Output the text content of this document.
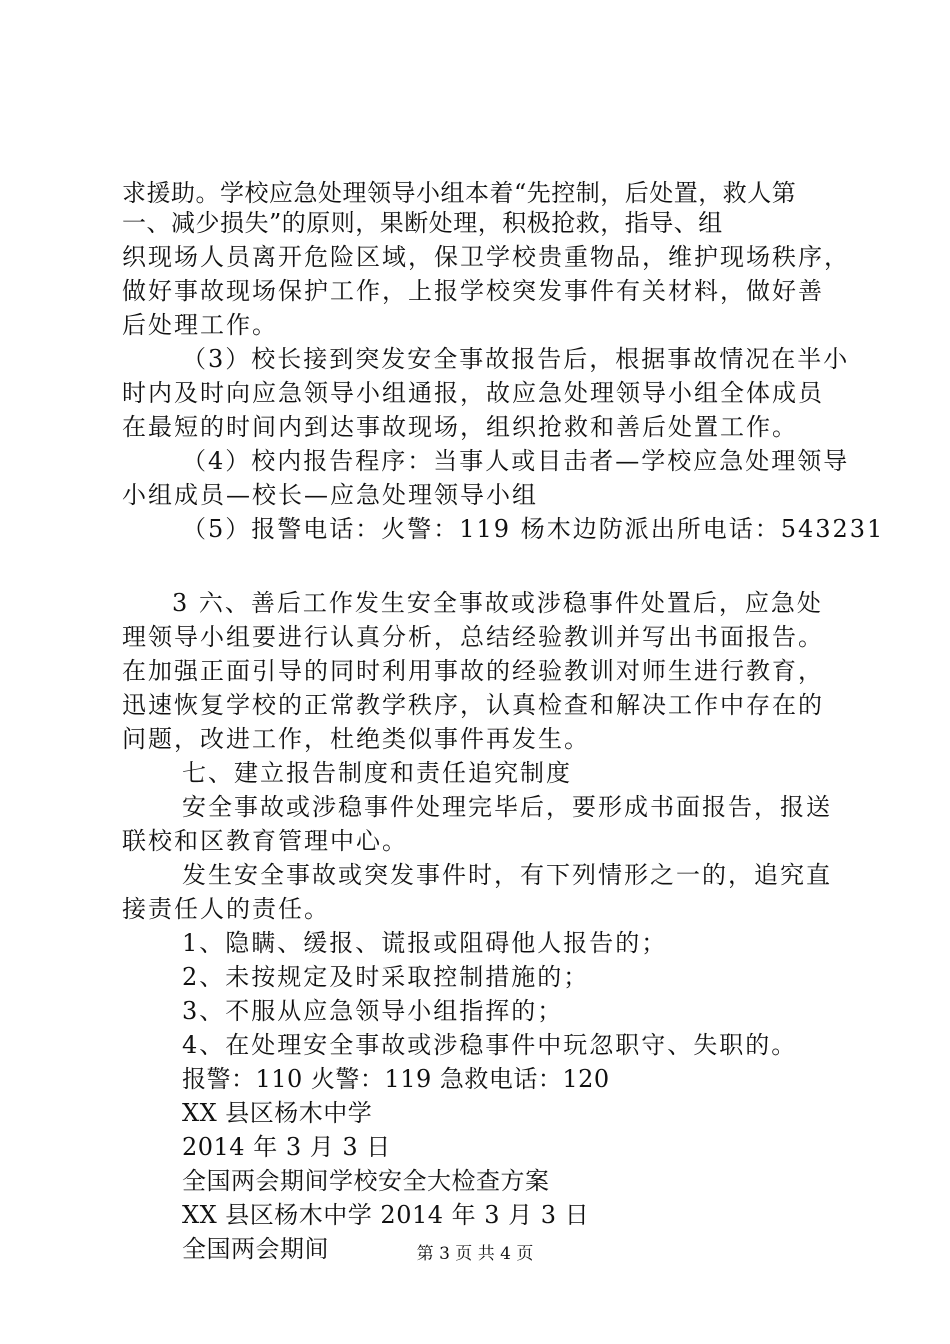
求援助。学校应急处理领导小组本着“先控制，后处置，救人第
一、减少损失”的原则，果断处理，积极抢救，指导、组
织现场人员离开危险区域，保卫学校贵重物品，维护现场秩序，
做好事故现场保护工作，上报学校突发事件有关材料，做好善
后处理工作。
（3）校长接到突发安全事故报告后，根据事故情况在半小
时内及时向应急领导小组通报，故应急处理领导小组全体成员
在最短的时间内到达事故现场，组织抢救和善后处置工作。
（4）校内报告程序：当事人或目击者—学校应急处理领导
小组成员—校长—应急处理领导小组
（5）报警电话：火警：119 杨木边防派出所电话：543231
3 六、善后工作发生安全事故或涉稳事件处置后，应急处
理领导小组要进行认真分析，总结经验教训并写出书面报告。
在加强正面引导的同时利用事故的经验教训对师生进行教育，
迅速恢复学校的正常教学秩序，认真检查和解决工作中存在的
问题，改进工作，杜绝类似事件再发生。
七、建立报告制度和责任追究制度
安全事故或涉稳事件处理完毕后，要形成书面报告，报送
联校和区教育管理中心。
发生安全事故或突发事件时，有下列情形之一的，追究直
接责任人的责任。
1、隐瞒、缓报、谎报或阻碍他人报告的；
2、未按规定及时采取控制措施的；
3、不服从应急领导小组指挥的；
4、在处理安全事故或涉稳事件中玩忽职守、失职的。
报警：110 火警：119 急救电话：120
XX 县区杨木中学
2014 年 3 月 3 日
全国两会期间学校安全大检查方案
XX 县区杨木中学 2014 年 3 月 3 日
全国两会期间	第 3 页 共 4 页
